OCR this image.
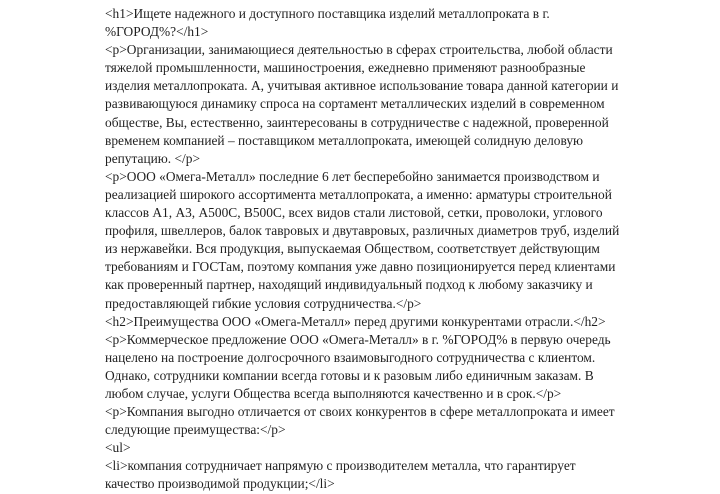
<h1>Ищете надежного и доступного поставщика изделий металлопроката в г.
%ГОРОД%?</h1>
<p>Организации, занимающиеся деятельностью в сферах строительства, любой области
тяжелой промышленности, машиностроения, ежедневно применяют разнообразные
изделия металлопроката. А, учитывая активное использование товара данной категории и
развивающуюся динамику спроса на сортамент металлических изделий в современном
обществе, Вы, естественно, заинтересованы в сотрудничестве с надежной, проверенной
временем компанией – поставщиком металлопроката, имеющей солидную деловую
репутацию. </p>
<p>ООО «Омега-Металл» последние 6 лет бесперебойно занимается производством и
реализацией широкого ассортимента металлопроката, а именно: арматуры строительной
классов А1, А3, А500С, В500С, всех видов стали листовой, сетки, проволоки, углового
профиля, швеллеров, балок тавровых и двутавровых, различных диаметров труб, изделий
из нержавейки. Вся продукция, выпускаемая Обществом, соответствует действующим
требованиям и ГОСТам, поэтому компания уже давно позиционируется перед клиентами
как проверенный партнер, находящий индивидуальный подход к любому заказчику и
предоставляющей гибкие условия сотрудничества.</p>
<h2>Преимущества ООО «Омега-Металл» перед другими конкурентами отрасли.</h2>
<p>Коммерческое предложение ООО «Омега-Металл» в г. %ГОРОД% в первую очередь
нацелено на построение долгосрочного взаимовыгодного сотрудничества с клиентом.
Однако, сотрудники компании всегда готовы и к разовым либо единичным заказам. В
любом случае, услуги Общества всегда выполняются качественно и в срок.</p>
<p>Компания выгодно отличается от своих конкурентов в сфере металлопроката и имеет
следующие преимущества:</p>
<ul>
<li>компания сотрудничает напрямую с производителем металла, что гарантирует
качество производимой продукции;</li>
